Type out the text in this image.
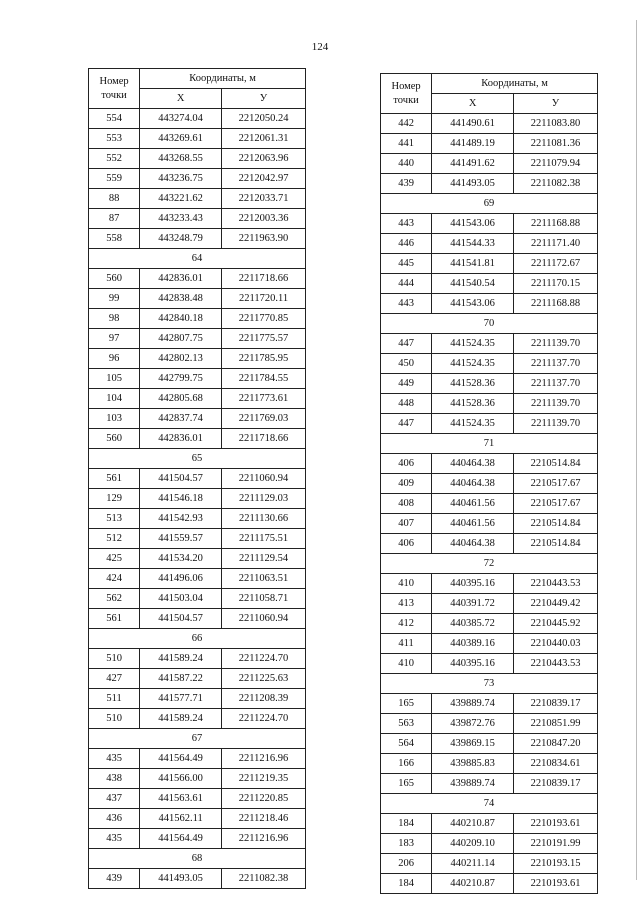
124
Номер
точки	Координаты, м	
	X	У
554	443274.04	2212050.24
553	443269.61	2212061.31
552	443268.55	2212063.96
559	443236.75	2212042.97
88	443221.62	2212033.71
87	443233.43	2212003.36
558	443248.79	2211963.90
64		
560	442836.01	2211718.66
99	442838.48	2211720.11
98	442840.18	2211770.85
97	442807.75	2211775.57
96	442802.13	2211785.95
105	442799.75	2211784.55
104	442805.68	2211773.61
103	442837.74	2211769.03
560	442836.01	2211718.66
65		
561	441504.57	2211060.94
129	441546.18	2211129.03
513	441542.93	2211130.66
512	441559.57	2211175.51
425	441534.20	2211129.54
424	441496.06	2211063.51
562	441503.04	2211058.71
561	441504.57	2211060.94
66		
510	441589.24	2211224.70
427	441587.22	2211225.63
511	441577.71	2211208.39
510	441589.24	2211224.70
67		
435	441564.49	2211216.96
438	441566.00	2211219.35
437	441563.61	2211220.85
436	441562.11	2211218.46
435	441564.49	2211216.96
68		
439	441493.05	2211082.38
Номер
точки	Координаты, м	
	X	У
442	441490.61	2211083.80
441	441489.19	2211081.36
440	441491.62	2211079.94
439	441493.05	2211082.38
69		
443	441543.06	2211168.88
446	441544.33	2211171.40
445	441541.81	2211172.67
444	441540.54	2211170.15
443	441543.06	2211168.88
70		
447	441524.35	2211139.70
450	441524.35	2211137.70
449	441528.36	2211137.70
448	441528.36	2211139.70
447	441524.35	2211139.70
71		
406	440464.38	2210514.84
409	440464.38	2210517.67
408	440461.56	2210517.67
407	440461.56	2210514.84
406	440464.38	2210514.84
72		
410	440395.16	2210443.53
413	440391.72	2210449.42
412	440385.72	2210445.92
411	440389.16	2210440.03
410	440395.16	2210443.53
73		
165	439889.74	2210839.17
563	439872.76	2210851.99
564	439869.15	2210847.20
166	439885.83	2210834.61
165	439889.74	2210839.17
74		
184	440210.87	2210193.61
183	440209.10	2210191.99
206	440211.14	2210193.15
184	440210.87	2210193.61
